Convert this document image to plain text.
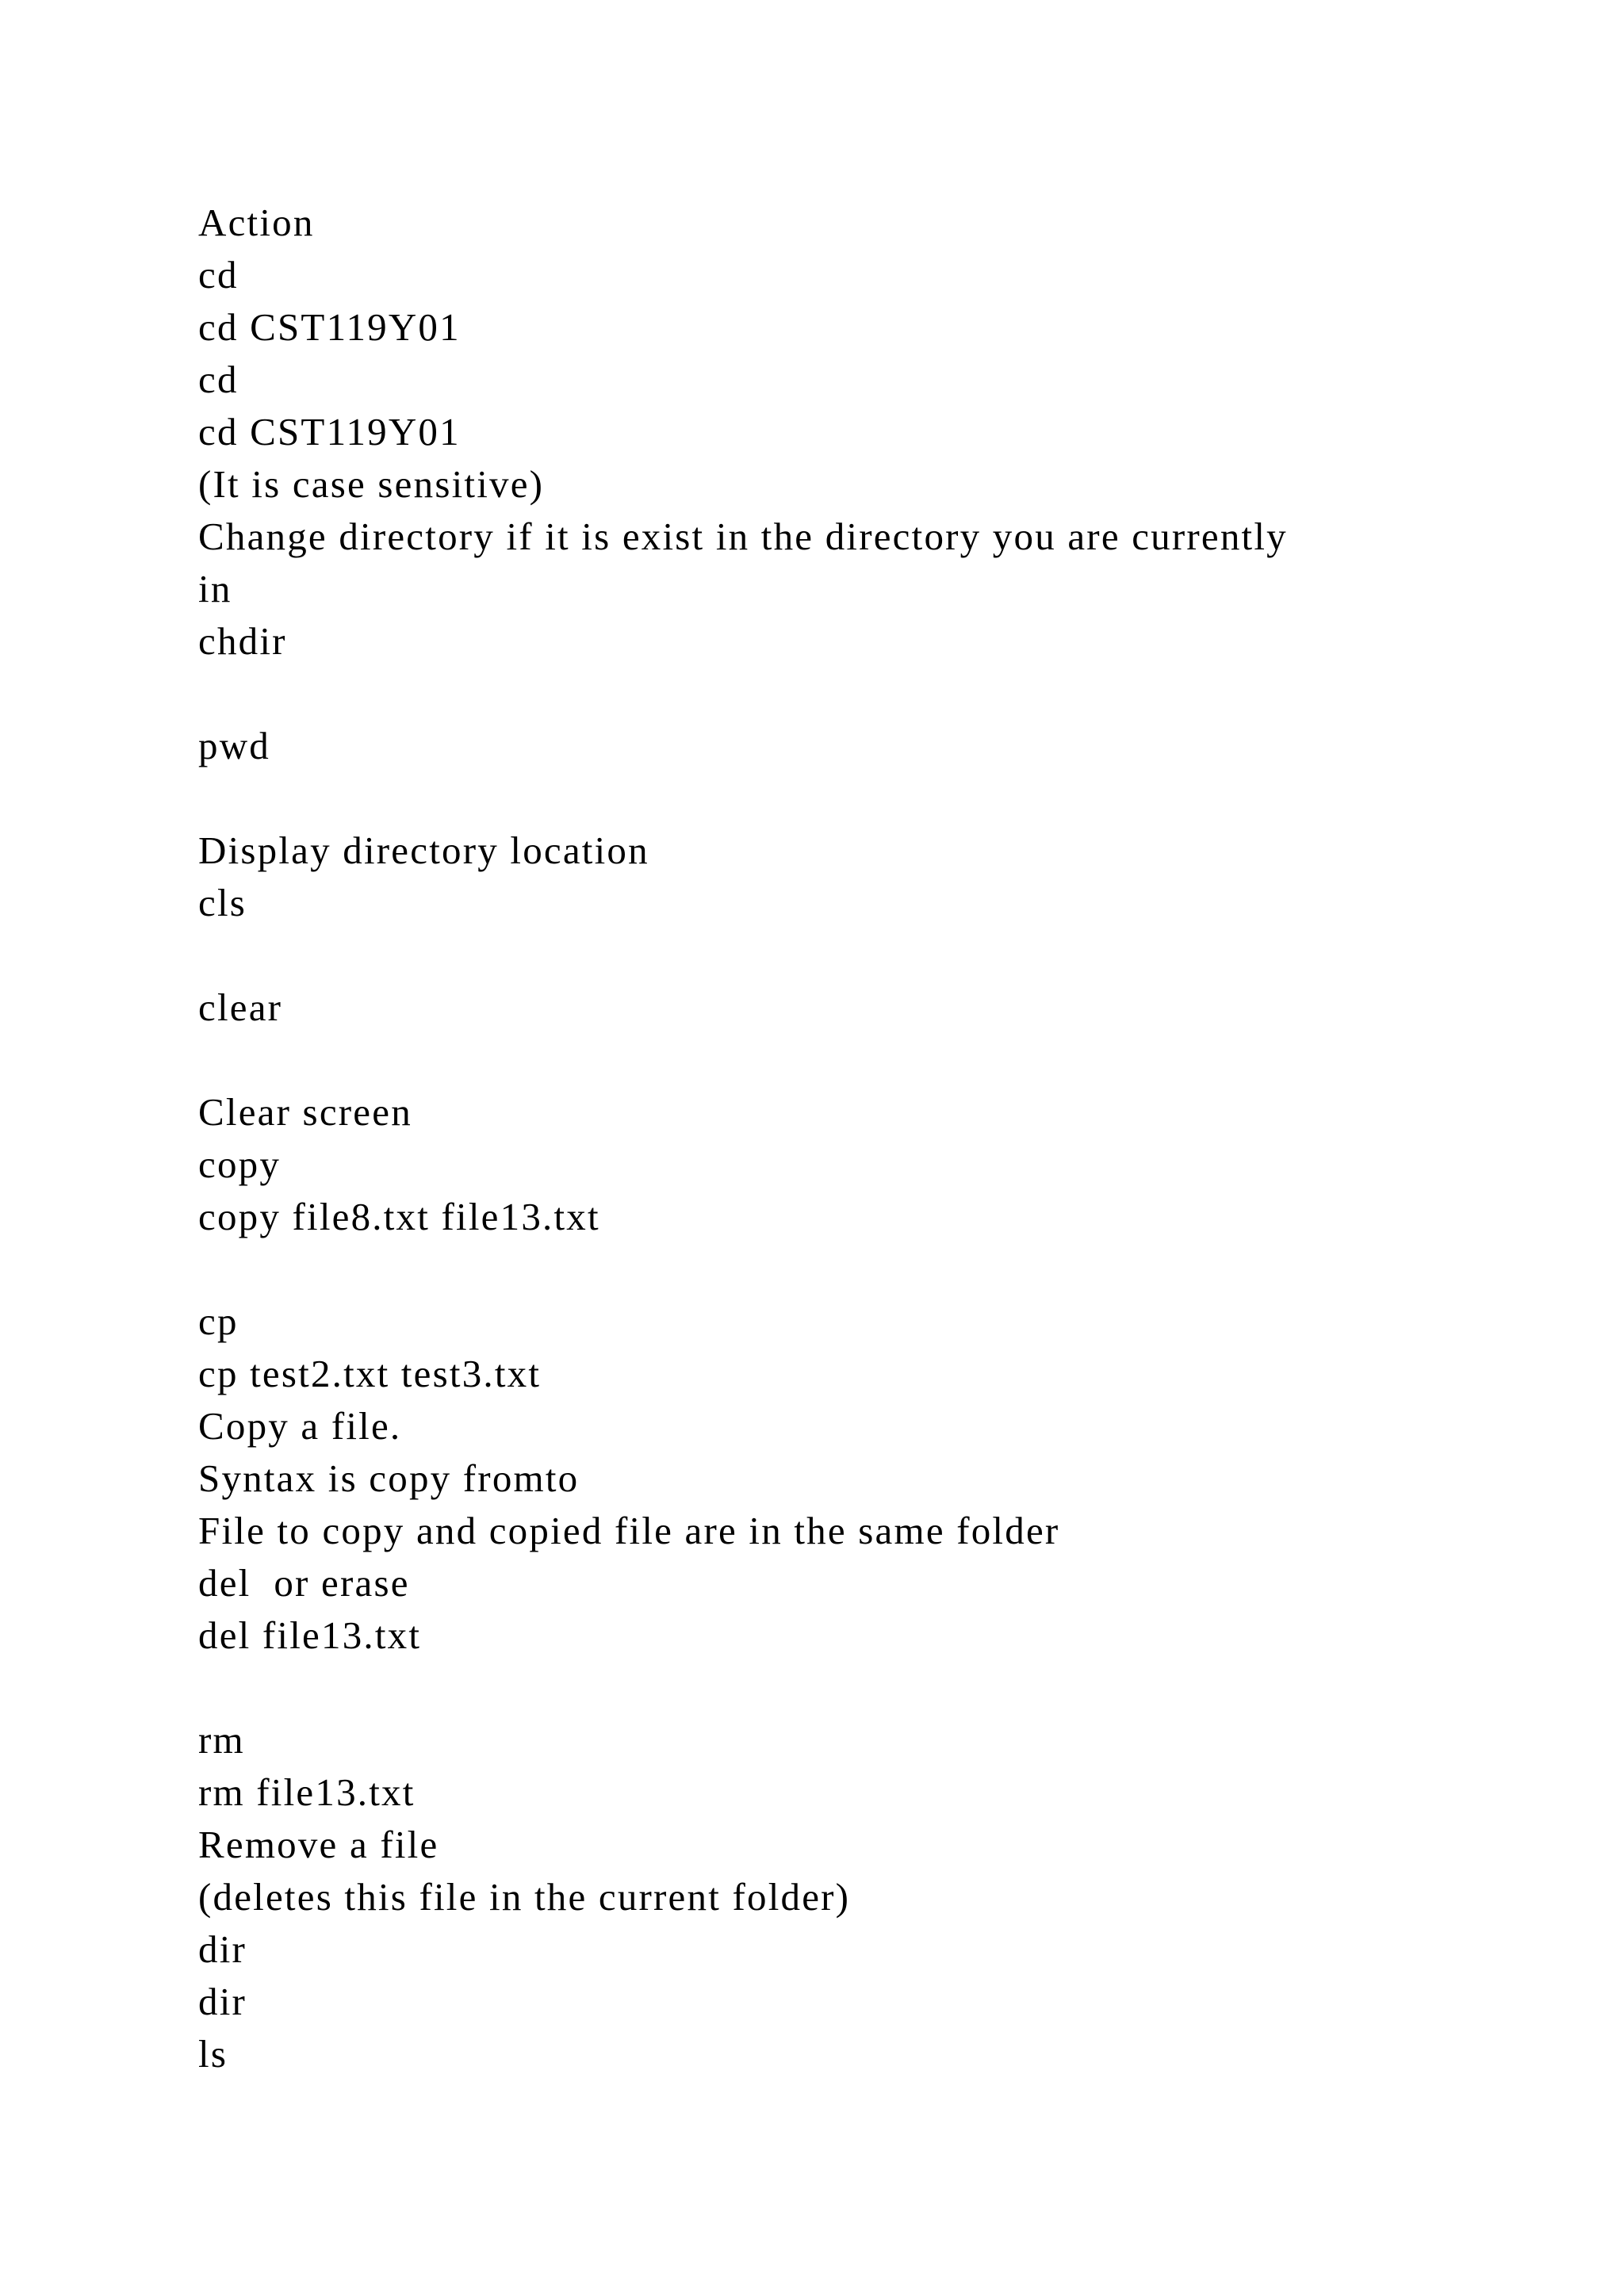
Action
cd
cd CST119Y01
cd
cd CST119Y01
(It is case sensitive)
Change directory if it is exist in the directory you are currently
in
chdir
pwd
Display directory location
cls
clear
Clear screen
copy
copy file8.txt file13.txt
cp
cp test2.txt test3.txt
Copy a file.
Syntax is copy fromto
File to copy and copied file are in the same folder
del  or erase
del file13.txt
rm
rm file13.txt
Remove a file
(deletes this file in the current folder)
dir
dir
ls
